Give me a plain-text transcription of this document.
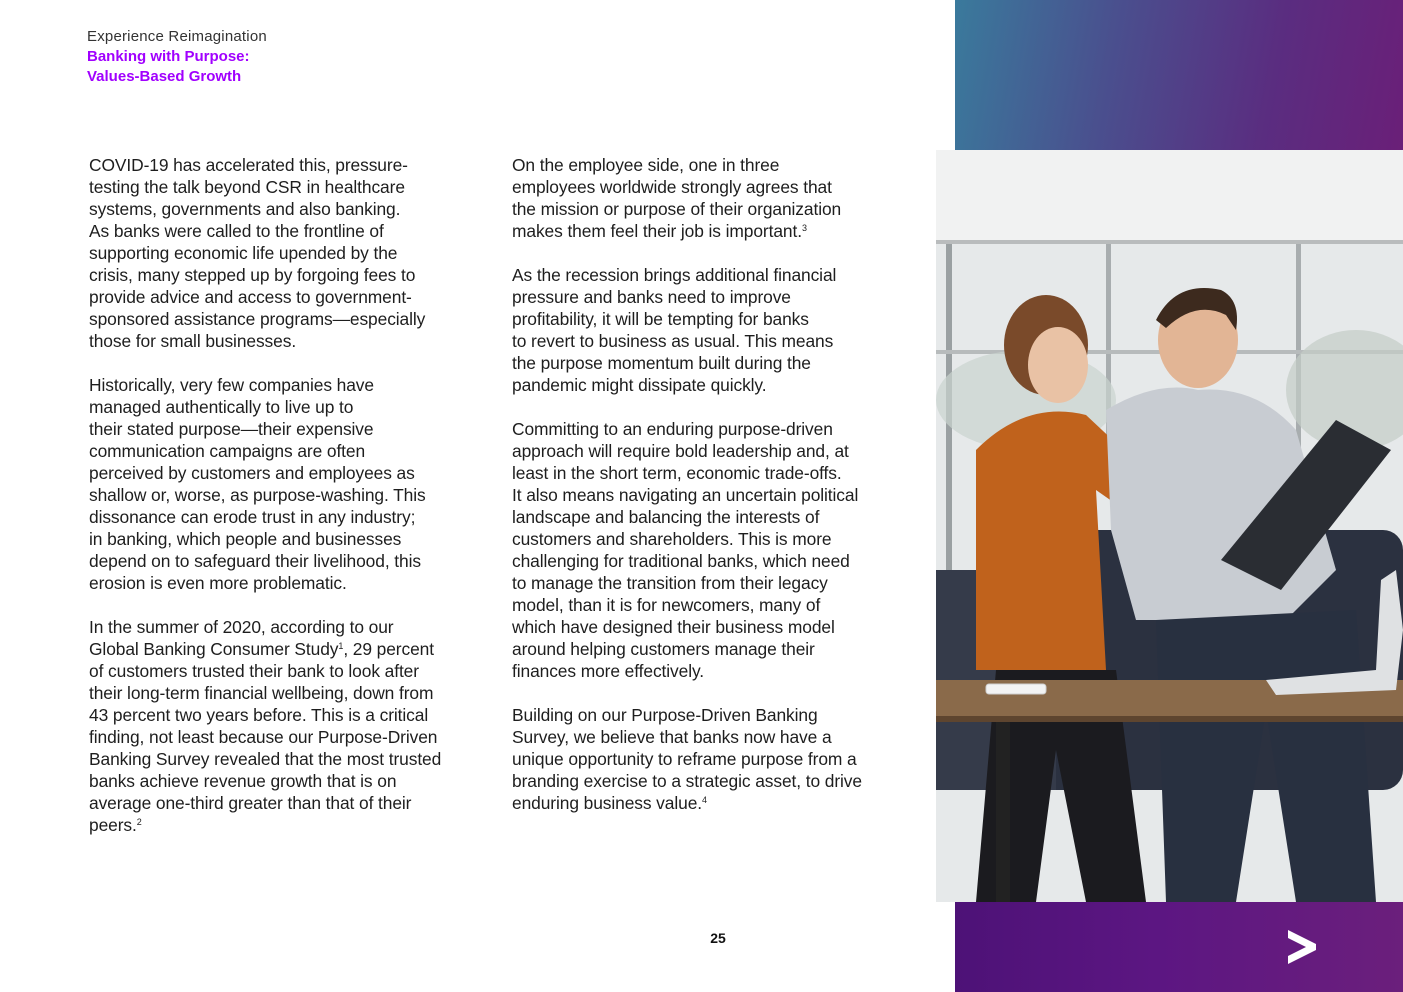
Experience Reimagination
Banking with Purpose:
Values-Based Growth

COVID-19 has accelerated this, pressure-
testing the talk beyond CSR in healthcare
systems, governments and also banking.
As banks were called to the frontline of
supporting economic life upended by the
crisis, many stepped up by forgoing fees to
provide advice and access to government-
sponsored assistance programs—especially
those for small businesses.

Historically, very few companies have
managed authentically to live up to
their stated purpose—their expensive
communication campaigns are often
perceived by customers and employees as
shallow or, worse, as purpose-washing. This
dissonance can erode trust in any industry;
in banking, which people and businesses
depend on to safeguard their livelihood, this
erosion is even more problematic.

In the summer of 2020, according to our
Global Banking Consumer Study$^1$, 29 percent
of customers trusted their bank to look after
their long-term financial wellbeing, down from
43 percent two years before. This is a critical
finding, not least because our Purpose-Driven
Banking Survey revealed that the most trusted
banks achieve revenue growth that is on
average one-third greater than that of their
peers.$^2$

On the employee side, one in three
employees worldwide strongly agrees that
the mission or purpose of their organization
makes them feel their job is important.$^3$

As the recession brings additional financial
pressure and banks need to improve
profitability, it will be tempting for banks
to revert to business as usual. This means
the purpose momentum built during the
pandemic might dissipate quickly.

Committing to an enduring purpose-driven
approach will require bold leadership and, at
least in the short term, economic trade-offs.
It also means navigating an uncertain political
landscape and balancing the interests of
customers and shareholders. This is more
challenging for traditional banks, which need
to manage the transition from their legacy
model, than it is for newcomers, many of
which have designed their business model
around helping customers manage their
finances more effectively.

Building on our Purpose-Driven Banking
Survey, we believe that banks now have a
unique opportunity to reframe purpose from a
branding exercise to a strategic asset, to drive
enduring business value.$^4$

25
